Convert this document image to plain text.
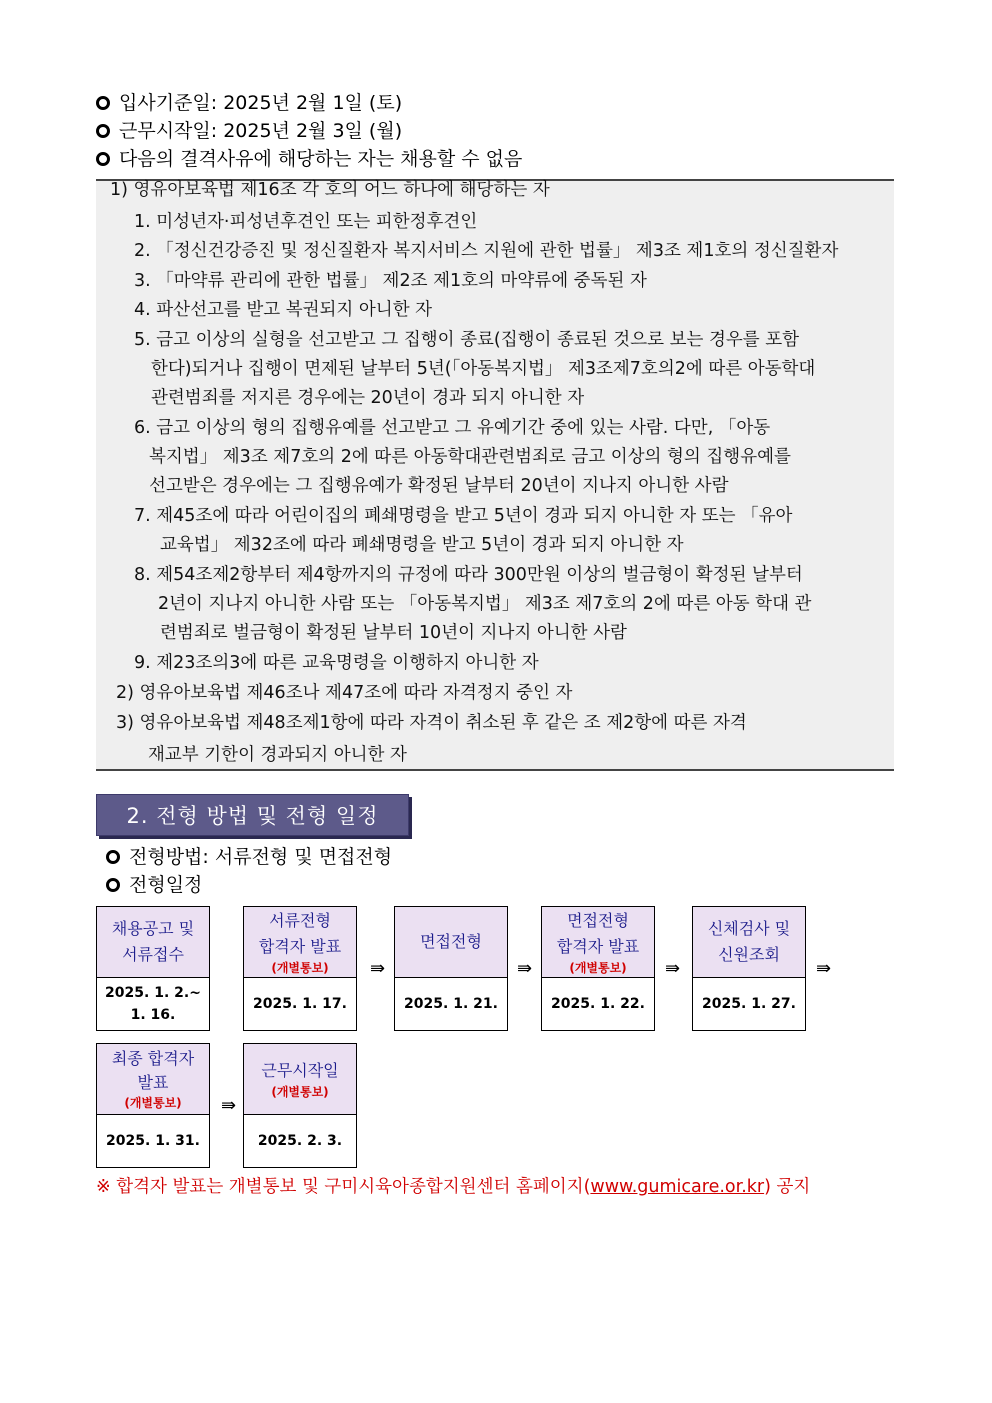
입사기준일: 2025년 2월 1일 (토)
근무시작일: 2025년 2월 3일 (월)
다음의 결격사유에 해당하는 자는 채용할 수 없음
1) 영유아보육법 제16조 각 호의 어느 하나에 해당하는 자
1. 미성년자·피성년후견인 또는 피한정후견인
2. 「정신건강증진 및 정신질환자 복지서비스 지원에 관한 법률」 제3조 제1호의 정신질환자
3. 「마약류 관리에 관한 법률」 제2조 제1호의 마약류에 중독된 자
4. 파산선고를 받고 복권되지 아니한 자
5. 금고 이상의 실형을 선고받고 그 집행이 종료(집행이 종료된 것으로 보는 경우를 포함
한다)되거나 집행이 면제된 날부터 5년(「아동복지법」 제3조제7호의2에 따른 아동학대
관련범죄를 저지른 경우에는 20년이 경과 되지 아니한 자
6. 금고 이상의 형의 집행유예를 선고받고 그 유예기간 중에 있는 사람. 다만, 「아동
복지법」 제3조 제7호의 2에 따른 아동학대관련범죄로 금고 이상의 형의 집행유예를
선고받은 경우에는 그 집행유예가 확정된 날부터 20년이 지나지 아니한 사람
7. 제45조에 따라 어린이집의 폐쇄명령을 받고 5년이 경과 되지 아니한 자 또는 「유아
교육법」 제32조에 따라 폐쇄명령을 받고 5년이 경과 되지 아니한 자
8. 제54조제2항부터 제4항까지의 규정에 따라 300만원 이상의 벌금형이 확정된 날부터
2년이 지나지 아니한 사람 또는 「아동복지법」 제3조 제7호의 2에 따른 아동 학대 관
련범죄로 벌금형이 확정된 날부터 10년이 지나지 아니한 사람
9. 제23조의3에 따른 교육명령을 이행하지 아니한 자
2) 영유아보육법 제46조나 제47조에 따라 자격정지 중인 자
3) 영유아보육법 제48조제1항에 따라 자격이 취소된 후 같은 조 제2항에 따른 자격
재교부 기한이 경과되지 아니한 자
2. 전형 방법 및 전형 일정
전형방법: 서류전형 및 면접전형
전형일정
채용공고 및
서류접수
2025. 1. 2.~
1. 16.
서류전형
합격자 발표
(개별통보)
2025. 1. 17.
⇛
면접전형
2025. 1. 21.
⇛
면접전형
합격자 발표
(개별통보)
2025. 1. 22.
⇛
신체검사 및
신원조회
2025. 1. 27.
⇛
최종 합격자
발표
(개별통보)
2025. 1. 31.
⇛
근무시작일
(개별통보)
2025. 2. 3.
※ 합격자 발표는 개별통보 및 구미시육아종합지원센터 홈페이지(www.gumicare.or.kr) 공지
